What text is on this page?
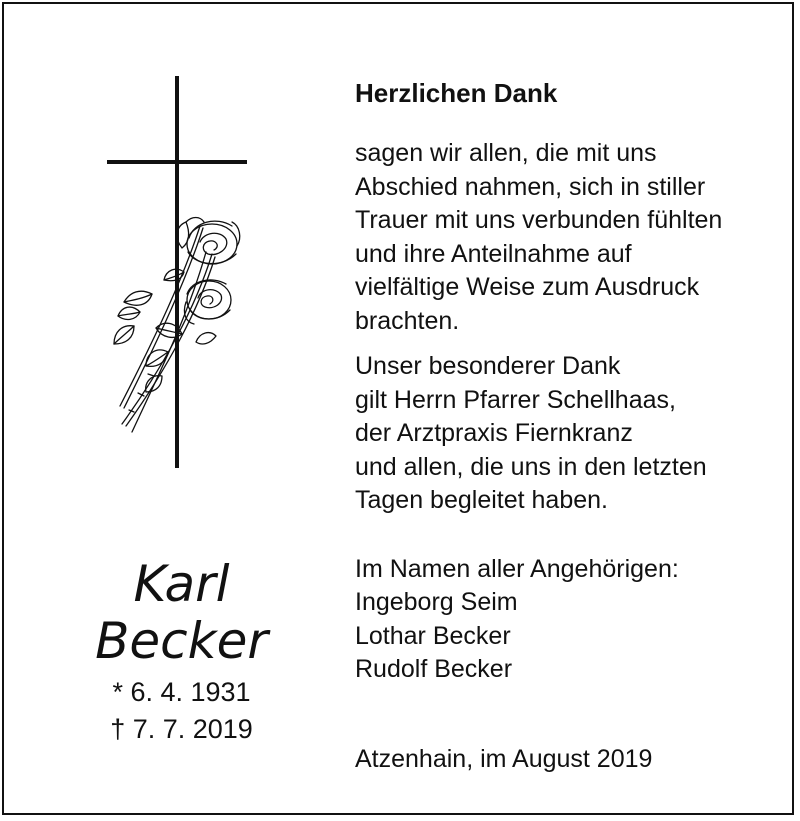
Karl
Becker
* 6. 4. 1931
† 7. 7. 2019
Herzlichen Dank
sagen wir allen, die mit uns
Abschied nahmen, sich in stiller
Trauer mit uns verbunden fühlten
und ihre Anteilnahme auf
vielfältige Weise zum Ausdruck
brachten.
Unser besonderer Dank
gilt Herrn Pfarrer Schellhaas,
der Arztpraxis Fiernkranz
und allen, die uns in den letzten
Tagen begleitet haben.
Im Namen aller Angehörigen:
Ingeborg Seim
Lothar Becker
Rudolf Becker
Atzenhain, im August 2019
